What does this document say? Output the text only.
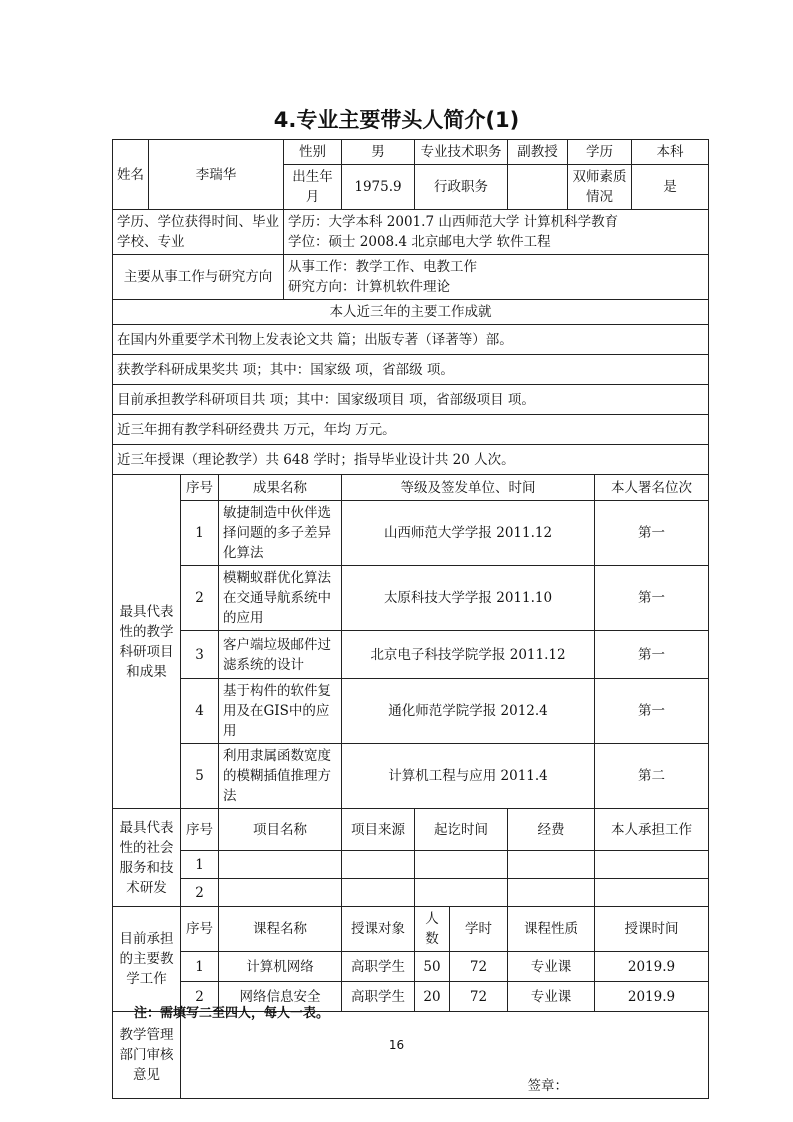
4.专业主要带头人简介(1)
姓名	李瑞华			性别	男	专业技术职务		副教授	学历		本科
				出生年月	1975.9	行政职务			双师素质情况		是
学历、学位获得时间、毕业学校、专业				学历：大学本科 2001.7 山西师范大学 计算机科学教育
学位：硕士 2008.4 北京邮电大学 软件工程							

主要从事工作与研究方向				从事工作：教学工作、电教工作
研究方向：计算机软件理论							

本人近三年的主要工作成就											
在国内外重要学术刊物上发表论文共 篇；出版专著（译著等）部。											
获教学科研成果奖共 项；其中：国家级 项，省部级 项。											
目前承担教学科研项目共 项；其中：国家级项目 项，省部级项目 项。											
近三年拥有教学科研经费共 万元，年均 万元。											
近三年授课（理论教学）共 648 学时；指导毕业设计共 20 人次。											
最具代表性的教学科研项目和成果		序号	成果名称		等级及签发单位、时间					本人署名位次	
		1	敏捷制造中伙伴选择问题的多子差异化算法		山西师范大学学报 2011.12					第一	
		2	模糊蚁群优化算法在交通导航系统中的应用		太原科技大学学报 2011.10					第一	
		3	客户端垃圾邮件过滤系统的设计		北京电子科技学院学报 2011.12					第一	
		4	基于构件的软件复用及在GIS中的应用		通化师范学院学报 2012.4					第一	
		5	利用隶属函数宽度的模糊插值推理方法		计算机工程与应用 2011.4					第二	
最具代表性的社会服务和技术研发		序号	项目名称		项目来源	起讫时间		经费		本人承担工作	
		1									
		2									
目前承担的主要教学工作		序号	课程名称		授课对象	人数	学时	课程性质		授课时间	
		1	计算机网络		高职学生	50	72	专业课		2019.9	
		2	网络信息安全		高职学生	20	72	专业课		2019.9	
教学管理部门审核意见		签章：									
注：需填写二至四人，每人一表。
16
